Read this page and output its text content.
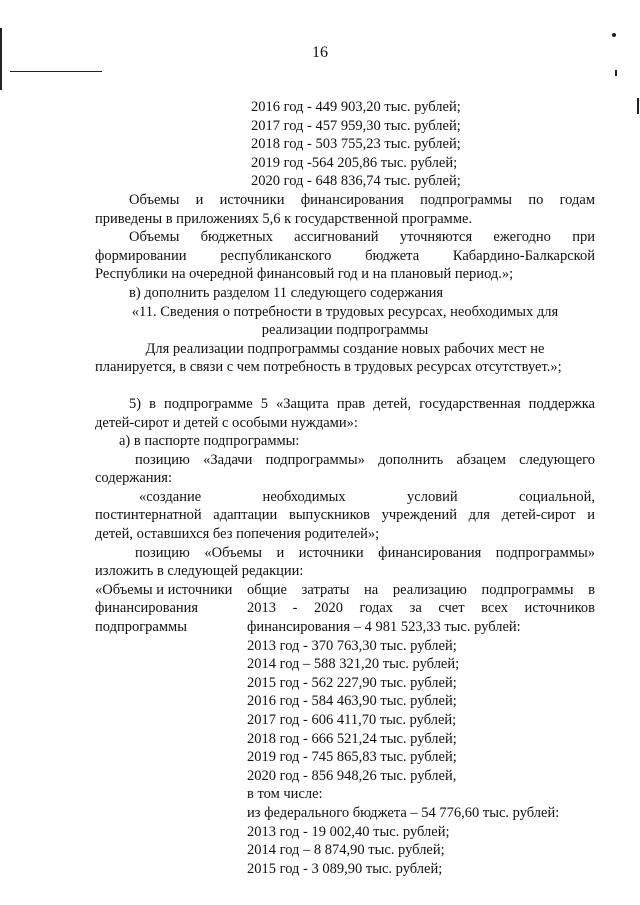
16
2016 год - 449 903,20 тыс. рублей;
2017 год - 457 959,30 тыс. рублей;
2018 год - 503 755,23 тыс. рублей;
2019 год -564 205,86 тыс. рублей;
2020 год - 648 836,74 тыс. рублей;
Объемы и источники финансирования подпрограммы по годам
приведены в приложениях 5,6 к государственной программе.
Объемы бюджетных ассигнований уточняются ежегодно при
формировании республиканского бюджета Кабардино-Балкарской
Республики на очередной финансовый год и на плановый период.»;
в) дополнить разделом 11 следующего содержания
«11. Сведения о потребности в трудовых ресурсах, необходимых для
реализации подпрограммы
Для реализации подпрограммы создание новых рабочих мест не
планируется, в связи с чем потребность в трудовых ресурсах отсутствует.»;
5) в подпрограмме 5 «Защита прав детей, государственная поддержка
детей-сирот и детей с особыми нуждами»:
а) в паспорте подпрограммы:
позицию «Задачи подпрограммы» дополнить абзацем следующего
содержания:
«создание необходимых условий социальной,
постинтернатной адаптации выпускников учреждений для детей-сирот и
детей, оставшихся без попечения родителей»;
позицию «Объемы и источники финансирования подпрограммы»
изложить в следующей редакции:
«Объемы и источники
финансирования
подпрограммы
общие затраты на реализацию подпрограммы в
2013 - 2020 годах за счет всех источников
финансирования – 4 981 523,33 тыс. рублей:
2013 год - 370 763,30 тыс. рублей;
2014 год – 588 321,20 тыс. рублей;
2015 год - 562 227,90 тыс. рублей;
2016 год - 584 463,90 тыс. рублей;
2017 год - 606 411,70 тыс. рублей;
2018 год - 666 521,24 тыс. рублей;
2019 год - 745 865,83 тыс. рублей;
2020 год - 856 948,26 тыс. рублей,
в том числе:
из федерального бюджета – 54 776,60 тыс. рублей:
2013 год - 19 002,40 тыс. рублей;
2014 год – 8 874,90 тыс. рублей;
2015 год - 3 089,90 тыс. рублей;
